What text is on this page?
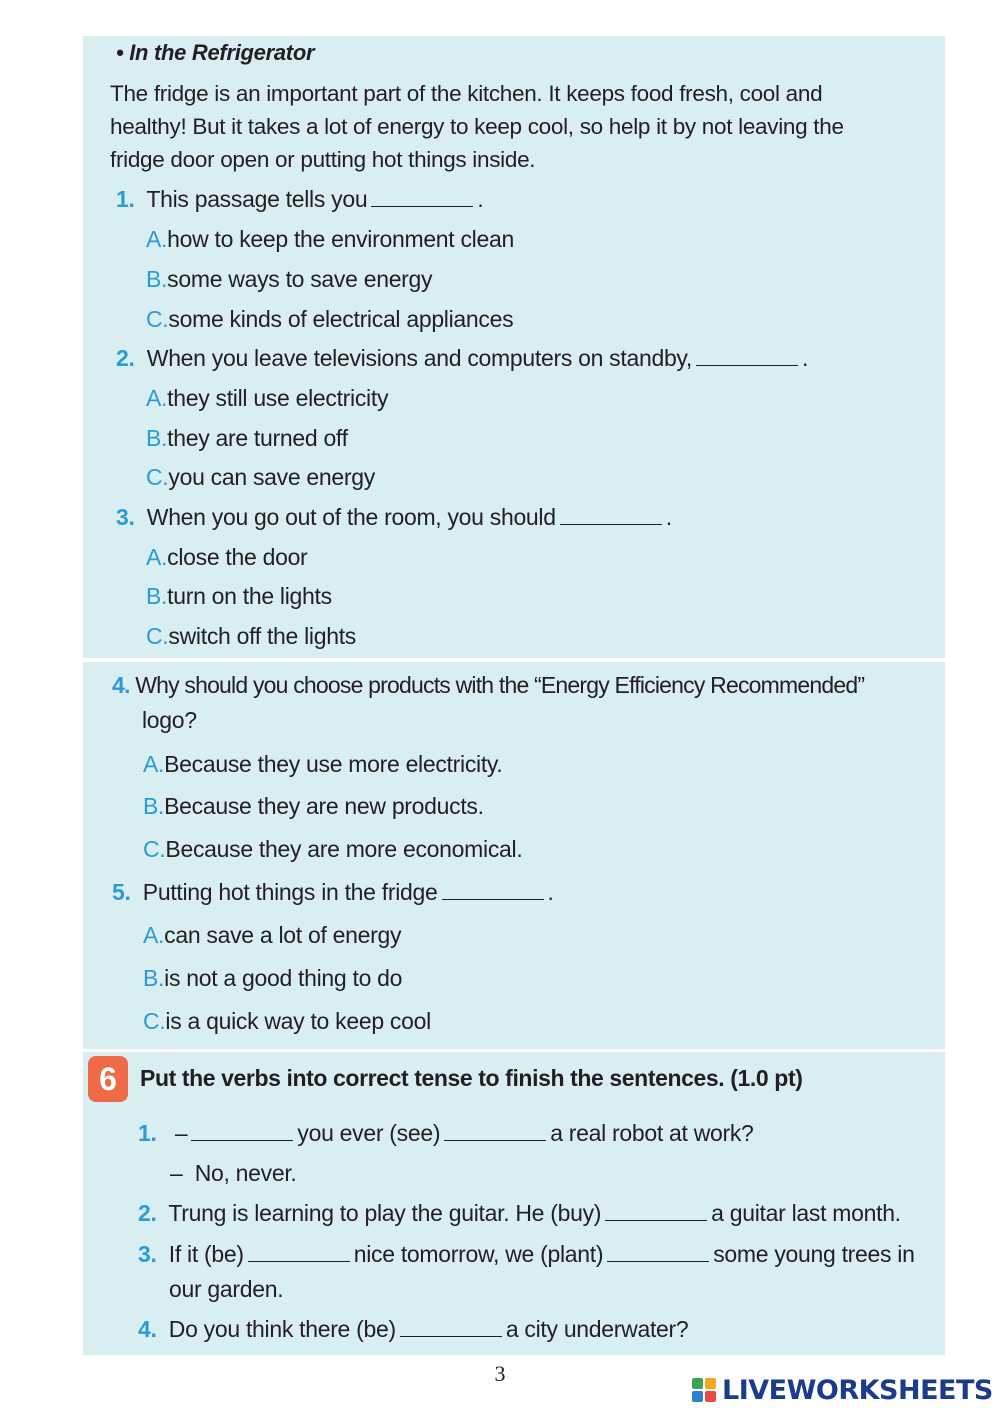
• In the Refrigerator
The fridge is an important part of the kitchen. It keeps food fresh, cool and
healthy! But it takes a lot of energy to keep cool, so help it by not leaving the
fridge door open or putting hot things inside.
1. This passage tells you	.
A.how to keep the environment clean
B.some ways to save energy
C.some kinds of electrical appliances
2. When you leave televisions and computers on standby,	.
A.they still use electricity
B.they are turned off
C.you can save energy
3. When you go out of the room, you should	.
A.close the door
B.turn on the lights
C.switch off the lights
4. Why should you choose products with the “Energy Efficiency Recommended”
logo?
A.Because they use more electricity.
B.Because they are new products.
C.Because they are more economical.
5. Putting hot things in the fridge	.
A.can save a lot of energy
B.is not a good thing to do
C.is a quick way to keep cool
6	Put the verbs into correct tense to finish the sentences. (1.0 pt)
1. –	you ever (see)	a real robot at work?
– No, never.
2. Trung is learning to play the guitar. He (buy)	a guitar last month.
3. If it (be)	nice tomorrow, we (plant)	some young trees in
our garden.
4. Do you think there (be)	a city underwater?
3
LIVEWORKSHEETS
